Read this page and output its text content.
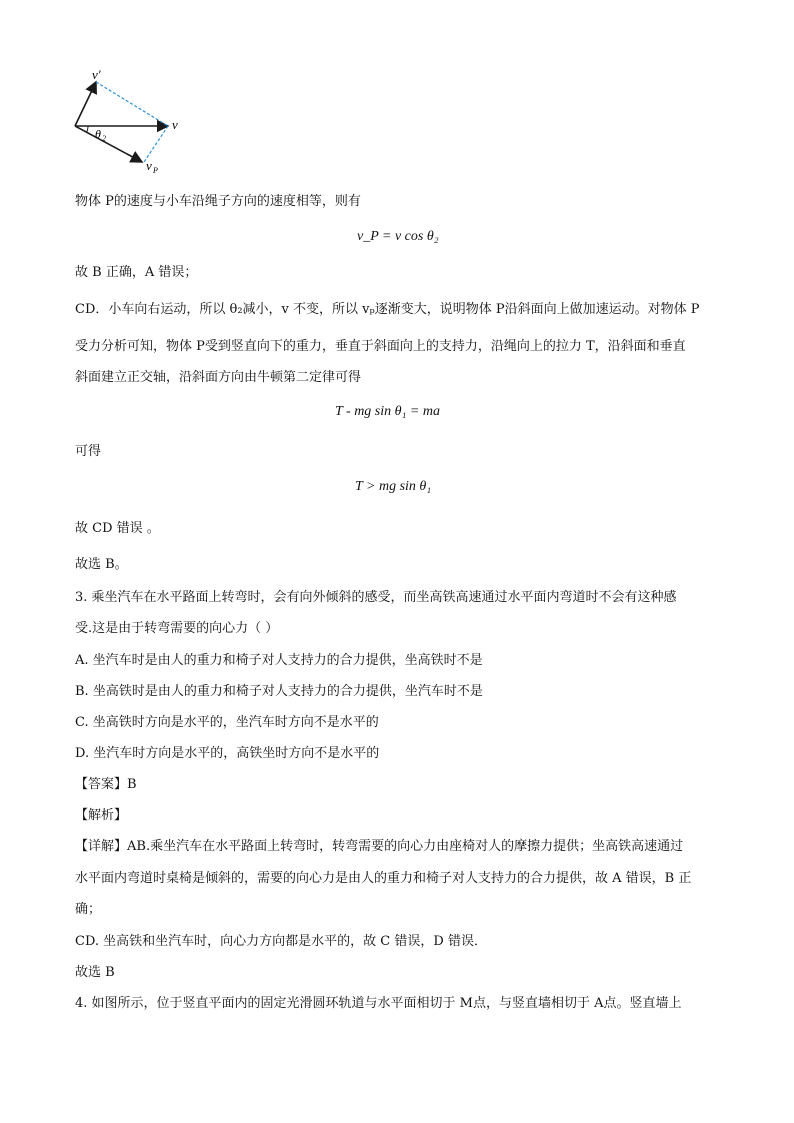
v′
v
v P
θ 2
物体 P的速度与小车沿绳子方向的速度相等，则有
v_P = v cos θ₂
故 B 正确，A 错误；
CD．小车向右运动，所以 θ₂减小，v 不变，所以 vₚ逐渐变大，说明物体 P沿斜面向上做加速运动。对物体 P
受力分析可知，物体 P受到竖直向下的重力，垂直于斜面向上的支持力，沿绳向上的拉力 T，沿斜面和垂直
斜面建立正交轴，沿斜面方向由牛顿第二定律可得
T - mg sin θ₁ = ma
可得
T > mg sin θ₁
故 CD 错误 。
故选 B。
3. 乘坐汽车在水平路面上转弯时，会有向外倾斜的感受，而坐高铁高速通过水平面内弯道时不会有这种感
受.这是由于转弯需要的向心力（ ）
A. 坐汽车时是由人的重力和椅子对人支持力的合力提供，坐高铁时不是
B. 坐高铁时是由人的重力和椅子对人支持力的合力提供，坐汽车时不是
C. 坐高铁时方向是水平的，坐汽车时方向不是水平的
D. 坐汽车时方向是水平的，高铁坐时方向不是水平的
【答案】B
【解析】
【详解】AB.乘坐汽车在水平路面上转弯时，转弯需要的向心力由座椅对人的摩擦力提供；坐高铁高速通过
水平面内弯道时桌椅是倾斜的，需要的向心力是由人的重力和椅子对人支持力的合力提供，故 A 错误，B 正
确；
CD. 坐高铁和坐汽车时，向心力方向都是水平的，故 C 错误，D 错误．
故选 B
4. 如图所示，位于竖直平面内的固定光滑圆环轨道与水平面相切于 M点，与竖直墙相切于 A点。竖直墙上
